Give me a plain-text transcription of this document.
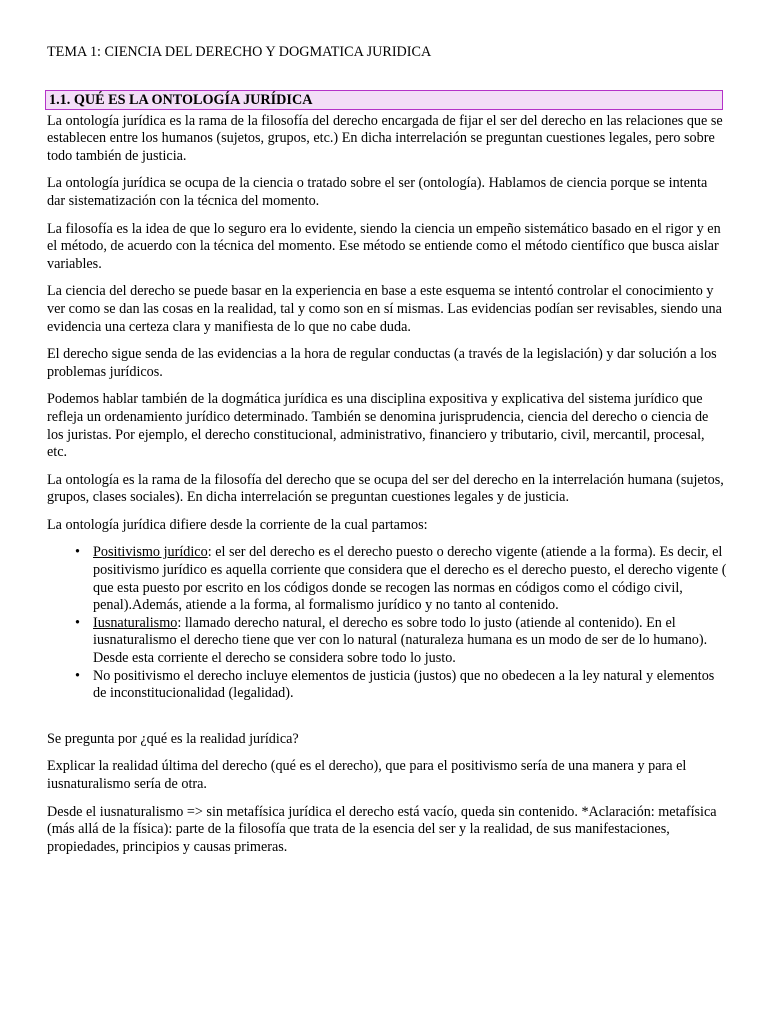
TEMA 1: CIENCIA DEL DERECHO Y DOGMATICA JURIDICA
1.1. QUÉ ES LA ONTOLOGÍA JURÍDICA

La ontología jurídica es la rama de la filosofía del derecho encargada de fijar el ser del derecho en las relaciones que se establecen entre los humanos (sujetos, grupos, etc.) En dicha interrelación se preguntan cuestiones legales, pero sobre todo también de justicia.

La ontología jurídica se ocupa de la ciencia o tratado sobre el ser (ontología). Hablamos de ciencia porque se intenta dar sistematización con la técnica del momento.

La filosofía es la idea de que lo seguro era lo evidente, siendo la ciencia un empeño sistemático basado en el rigor y en el método, de acuerdo con la técnica del momento. Ese método se entiende como el método científico que busca aislar variables.

La ciencia del derecho se puede basar en la experiencia en base a este esquema se intentó controlar el conocimiento y ver como se dan las cosas en la realidad, tal y como son en sí mismas. Las evidencias podían ser revisables, siendo una evidencia una certeza clara y manifiesta de lo que no cabe duda.

El derecho sigue senda de las evidencias a la hora de regular conductas (a través de la legislación) y dar solución a los problemas jurídicos.

Podemos hablar también de la dogmática jurídica es una disciplina expositiva y explicativa del sistema jurídico que refleja un ordenamiento jurídico determinado. También se denomina jurisprudencia, ciencia del derecho o ciencia de los juristas. Por ejemplo, el derecho constitucional, administrativo, financiero y tributario, civil, mercantil, procesal, etc.

La ontología es la rama de la filosofía del derecho que se ocupa del ser del derecho en la interrelación humana (sujetos, grupos, clases sociales). En dicha interrelación se preguntan cuestiones legales y de justicia.

La ontología jurídica difiere desde la corriente de la cual partamos:

• Positivismo jurídico: el ser del derecho es el derecho puesto o derecho vigente (atiende a la forma). Es decir, el positivismo jurídico es aquella corriente que considera que el derecho es el derecho puesto, el derecho vigente ( que esta puesto por escrito en los códigos donde se recogen las normas en códigos como el código civil, penal).Además, atiende a la forma, al formalismo jurídico y no tanto al contenido.
• Iusnaturalismo: llamado derecho natural, el derecho es sobre todo lo justo (atiende al contenido). En el iusnaturalismo el derecho tiene que ver con lo natural (naturaleza humana es un modo de ser de lo humano). Desde esta corriente el derecho se considera sobre todo lo justo.
• No positivismo el derecho incluye elementos de justicia (justos) que no obedecen a la ley natural y elementos de inconstitucionalidad (legalidad).

Se pregunta por ¿qué es la realidad jurídica?

Explicar la realidad última del derecho (qué es el derecho), que para el positivismo sería de una manera y para el iusnaturalismo sería de otra.

Desde el iusnaturalismo => sin metafísica jurídica el derecho está vacío, queda sin contenido. *Aclaración: metafísica (más allá de la física): parte de la filosofía que trata de la esencia del ser y la realidad, de sus manifestaciones, propiedades, principios y causas primeras.
